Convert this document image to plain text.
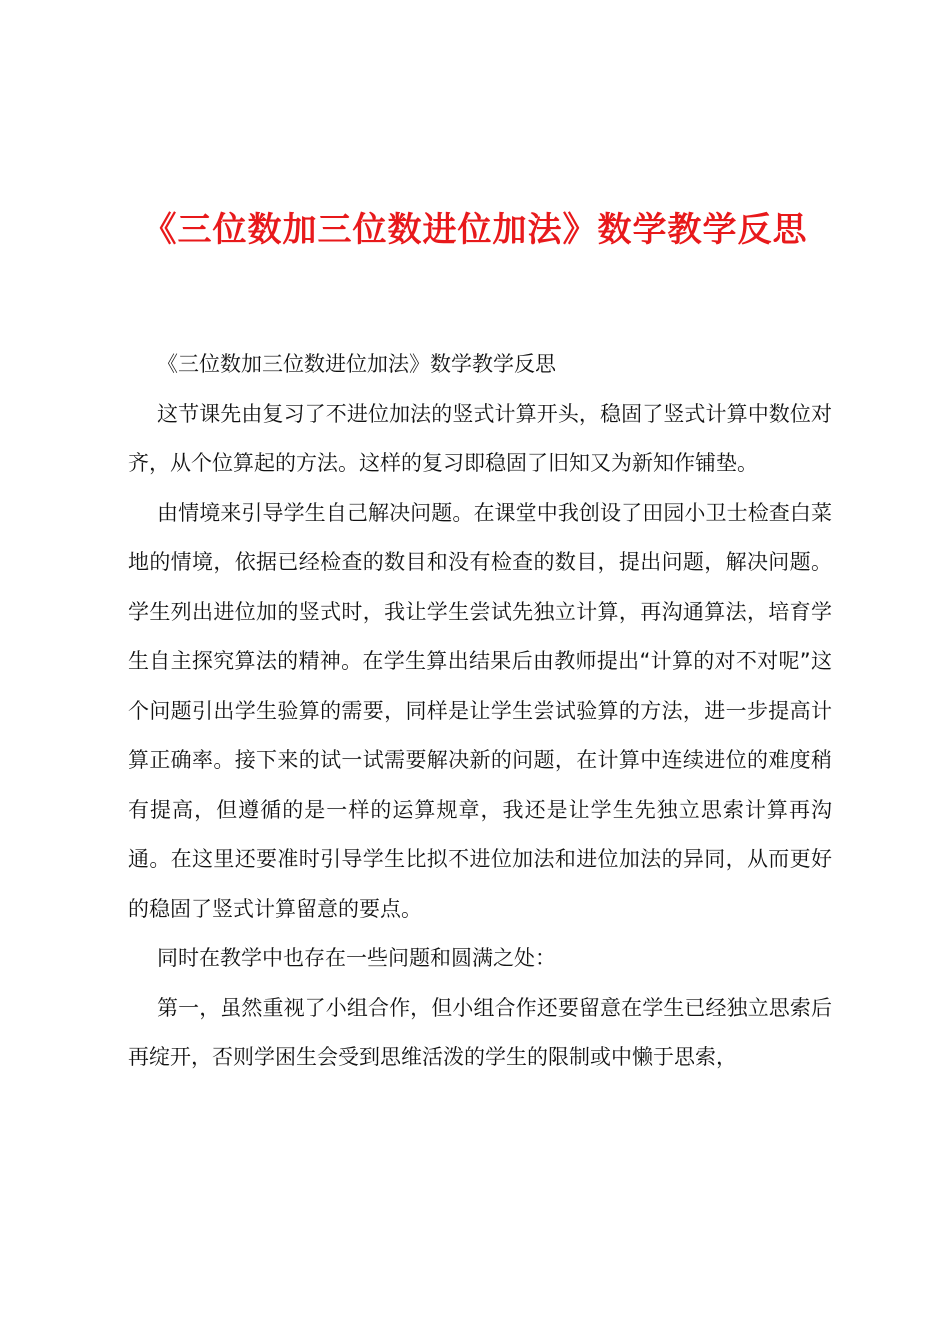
《三位数加三位数进位加法》数学教学反思

《三位数加三位数进位加法》数学教学反思

这节课先由复习了不进位加法的竖式计算开头，稳固了竖式计算中数位对齐，从个位算起的方法。这样的复习即稳固了旧知又为新知作铺垫。

由情境来引导学生自己解决问题。在课堂中我创设了田园小卫士检查白菜地的情境，依据已经检查的数目和没有检查的数目，提出问题，解决问题。学生列出进位加的竖式时，我让学生尝试先独立计算，再沟通算法，培育学生自主探究算法的精神。在学生算出结果后由教师提出“计算的对不对呢”这个问题引出学生验算的需要，同样是让学生尝试验算的方法，进一步提高计算正确率。接下来的试一试需要解决新的问题，在计算中连续进位的难度稍有提高，但遵循的是一样的运算规章，我还是让学生先独立思索计算再沟通。在这里还要准时引导学生比拟不进位加法和进位加法的异同，从而更好的稳固了竖式计算留意的要点。

同时在教学中也存在一些问题和圆满之处：

第一，虽然重视了小组合作，但小组合作还要留意在学生已经独立思索后再绽开，否则学困生会受到思维活泼的学生的限制或中懒于思索，
